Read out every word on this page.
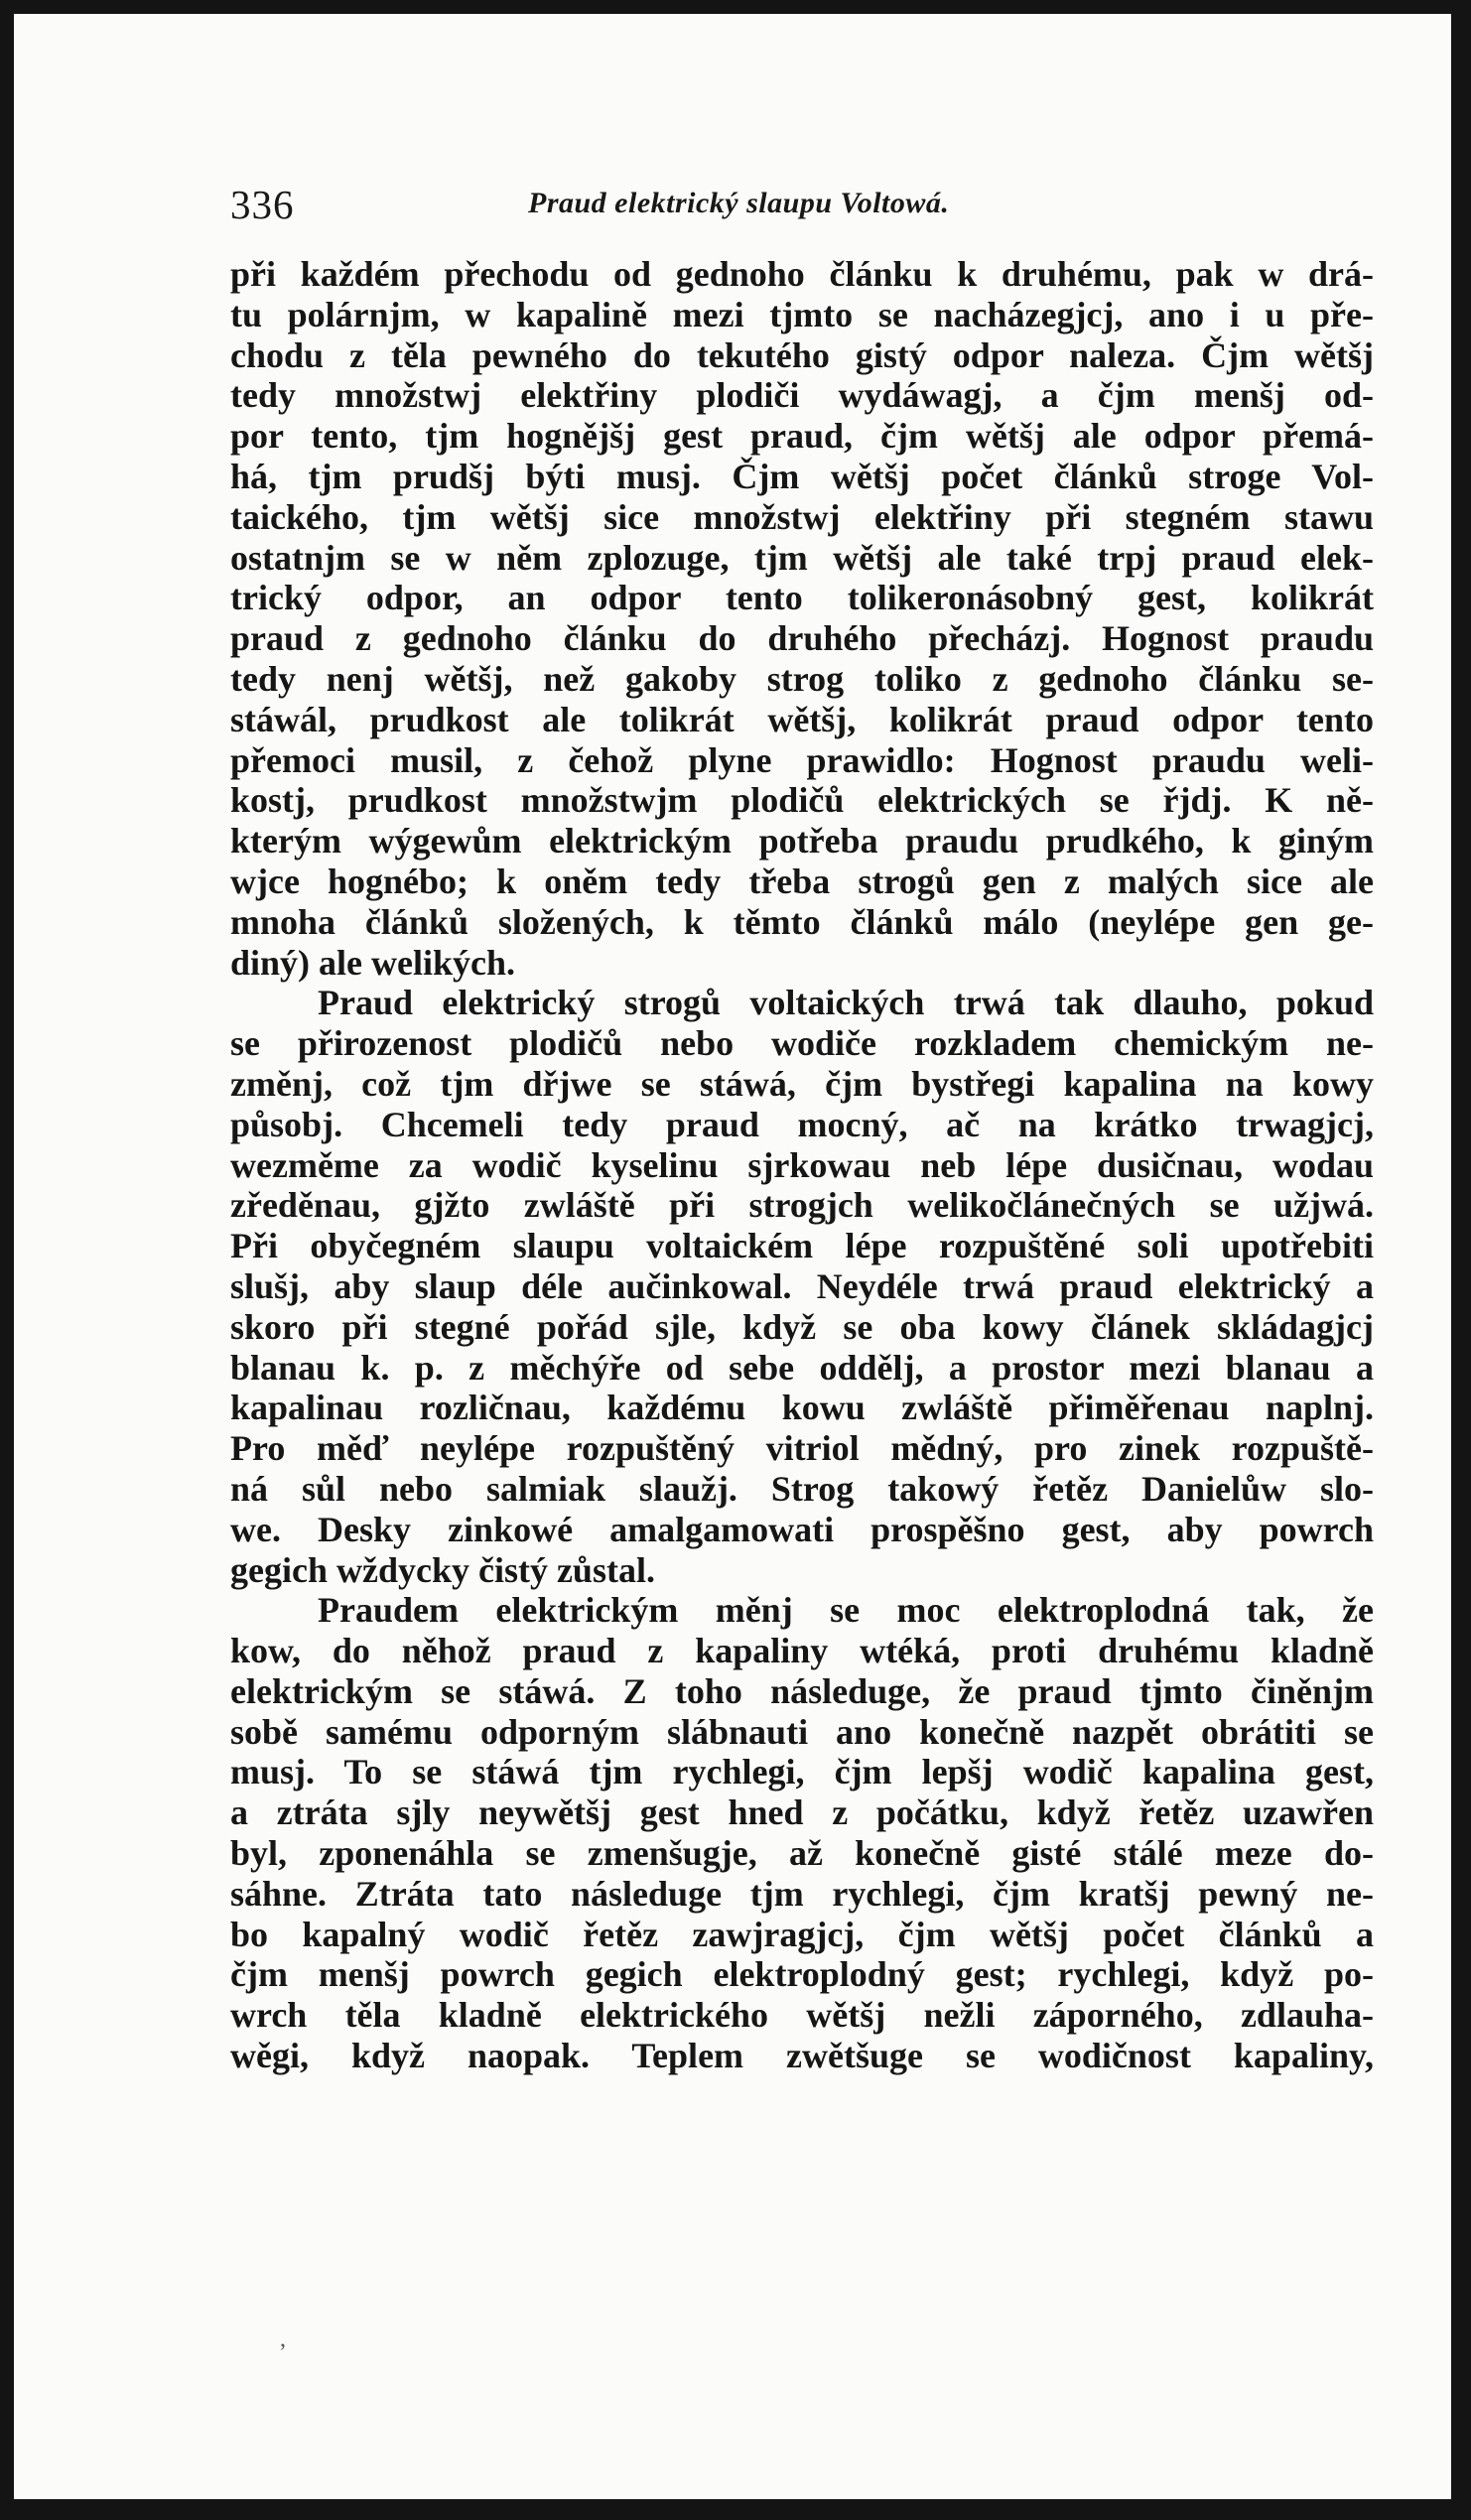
336	Praud elektrický slaupu Voltowá.
při každém přechodu od gednoho článku k druhému, pak w drá-
tu polárnjm, w kapalině mezi tjmto se nacházegjcj, ano i u pře-
chodu z těla pewného do tekutého gistý odpor naleza. Čjm wětšj
tedy množstwj elektřiny plodiči wydáwagj, a čjm menšj od-
por tento, tjm hognějšj gest praud, čjm wětšj ale odpor přemá-
há, tjm prudšj býti musj. Čjm wětšj počet článků stroge Vol-
taického, tjm wětšj sice množstwj elektřiny při stegném stawu
ostatnjm se w něm zplozuge, tjm wětšj ale také trpj praud elek-
trický odpor, an odpor tento tolikeronásobný gest, kolikrát
praud z gednoho článku do druhého přecházj. Hognost praudu
tedy nenj wětšj, než gakoby strog toliko z gednoho článku se-
stáwál, prudkost ale tolikrát wětšj, kolikrát praud odpor tento
přemoci musil, z čehož plyne prawidlo: Hognost praudu weli-
kostj, prudkost množstwjm plodičů elektrických se řjdj. K ně-
kterým wýgewům elektrickým potřeba praudu prudkého, k giným
wjce hognébo; k oněm tedy třeba strogů gen z malých sice ale
mnoha článků složených, k těmto článků málo (neylépe gen ge-
diný) ale welikých.
Praud elektrický strogů voltaických trwá tak dlauho, pokud
se přirozenost plodičů nebo wodiče rozkladem chemickým ne-
změnj, což tjm dřjwe se stáwá, čjm bystřegi kapalina na kowy
působj. Chcemeli tedy praud mocný, ač na krátko trwagjcj,
wezměme za wodič kyselinu sjrkowau neb lépe dusičnau, wodau
zředěnau, gjžto zwláště při strogjch welikočlánečných se užjwá.
Při obyčegném slaupu voltaickém lépe rozpuštěné soli upotřebiti
slušj, aby slaup déle aučinkowal. Neydéle trwá praud elektrický a
skoro při stegné pořád sjle, když se oba kowy článek skládagjcj
blanau k. p. z měchýře od sebe oddělj, a prostor mezi blanau a
kapalinau rozličnau, každému kowu zwláště přiměřenau naplnj.
Pro měď neylépe rozpuštěný vitriol mědný, pro zinek rozpuště-
ná sůl nebo salmiak slaužj. Strog takowý řetěz Danielůw slo-
we. Desky zinkowé amalgamowati prospěšno gest, aby powrch
gegich wždycky čistý zůstal.
Praudem elektrickým měnj se moc elektroplodná tak, že
kow, do něhož praud z kapaliny wtéká, proti druhému kladně
elektrickým se stáwá. Z toho následuge, že praud tjmto činěnjm
sobě samému odporným slábnauti ano konečně nazpět obrátiti se
musj. To se stáwá tjm rychlegi, čjm lepšj wodič kapalina gest,
a ztráta sjly neywětšj gest hned z počátku, když řetěz uzawřen
byl, zponenáhla se zmenšugje, až konečně gisté stálé meze do-
sáhne. Ztráta tato následuge tjm rychlegi, čjm kratšj pewný ne-
bo kapalný wodič řetěz zawjragjcj, čjm wětšj počet článků a
čjm menšj powrch gegich elektroplodný gest; rychlegi, když po-
wrch těla kladně elektrického wětšj nežli záporného, zdlauha-
wěgi, když naopak. Teplem zwětšuge se wodičnost kapaliny,
,
